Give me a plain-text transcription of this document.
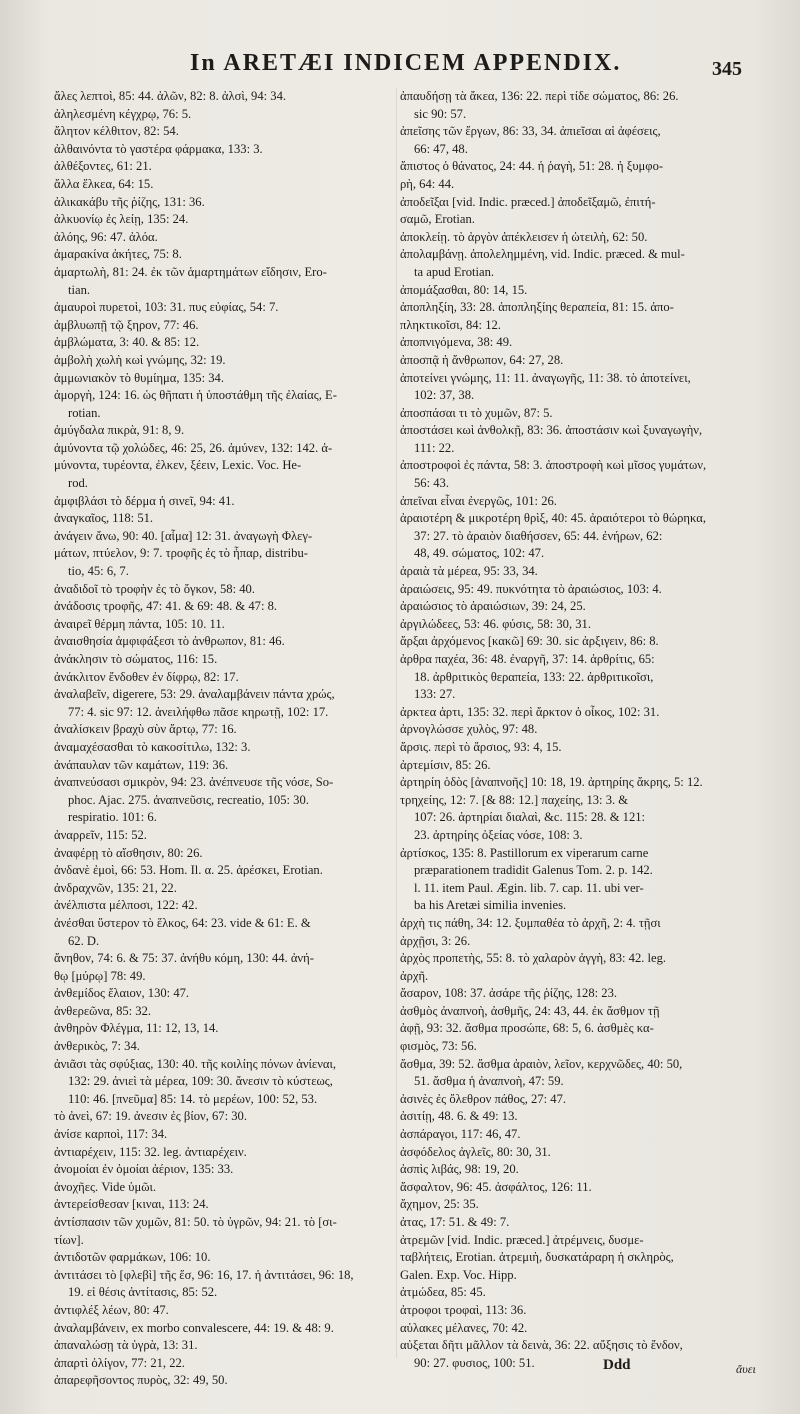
In ARETÆI INDICEM APPENDIX.	345
ἄλες λεπτοὶ, 85: 44. ἀλῶν, 82: 8. ἀλσὶ, 94: 34.
ἀληλεσμένη κέγχρῳ, 76: 5.
ἄλητον κέλθιτον, 82: 54.
ἀλθαινόντα τὸ γαστέρα φάρμακα, 133: 3.
ἀλθέξοντες, 61: 21.
ἄλλα ἕλκεα, 64: 15.
ἀλικακάβυ τῆς ῥίζης, 131: 36.
ἀλκυονίῳ ἐς λείῃ, 135: 24.
ἀλόης, 96: 47. ἀλόα.
ἀμαρακίνα ἀκήτες, 75: 8.
ἀμαρτωλὴ, 81: 24. ἐκ τῶν ἁμαρτημάτων εἴδησιν, Ero-
tian.
ἀμαυροὶ πυρετοὶ, 103: 31. πυς εὐφίας, 54: 7.
ἀμβλυωπῇ τῷ ξηρον, 77: 46.
ἀμβλώματα, 3: 40. & 85: 12.
ἀμβολὴ χωλὴ κωὶ γνώμης, 32: 19.
ἀμμωνιακὸν τὸ θυμίημα, 135: 34.
ἀμοργὴ, 124: 16. ὡς θῆπατι ἡ ὑποστάθμη τῆς ἐλαίας, E-
rotian.
ἀμύγδαλα πικρὰ, 91: 8, 9.
ἀμύνοντα τῷ χολώδες, 46: 25, 26. ἀμύνεν, 132: 142. ἀ-
μύνοντα, τυρέοντα, ἐλκεν, ξέειν, Lexic. Voc. He-
rod.
ἀμφιβλάσι τὸ δέρμα ἡ σινεῖ, 94: 41.
ἀναγκαῖος, 118: 51.
ἀνάγειν ἄνω, 90: 40. [αἷμα] 12: 31. ἀναγωγὴ Φλεγ-
μάτων, πτύελον, 9: 7. τροφῆς ἐς τὸ ἧπαρ, distribu-
tio, 45: 6, 7.
ἀναδιδοῖ τὸ τροφὴν ἐς τὸ ὄγκον, 58: 40.
ἀνάδοσις τροφῆς, 47: 41. & 69: 48. & 47: 8.
ἀναιρεῖ θέρμη πάντα, 105: 10. 11.
ἀναισθησία ἀμφιφάξεσι τὸ ἀνθρωπον, 81: 46.
ἀνάκλησιν τὸ σώματος, 116: 15.
ἀνάκλιτον ἔνδοθεν ἐν δίφρῳ, 82: 17.
ἀναλαβεῖν, digerere, 53: 29. ἀναλαμβάνειν πάντα χρώς,
77: 4. sic 97: 12. ἀνειλήφθω πᾶσε κηρωτῇ, 102: 17.
ἀναλίσκειν βραχὺ σὺν ἄρτῳ, 77: 16.
ἀναμαχέσασθαι τὸ κακοσίτιλω, 132: 3.
ἀνάπαυλαν τῶν καμάτων, 119: 36.
ἀναπνεύσασι σμικρὸν, 94: 23. ἀνέπνευσε τῆς νόσε, So-
phoc. Ajac. 275. ἀναπνεῦσις, recreatio, 105: 30.
respiratio. 101: 6.
ἀναρρεῖν, 115: 52.
ἀναφέρῃ τὸ αἴσθησιν, 80: 26.
ἀνδανὲ ἐμοὶ, 66: 53. Hom. Il. α. 25. ἀρέσκει, Erotian.
ἀνδραχνῶν, 135: 21, 22.
ἀνέλπιστα μέλποσι, 122: 42.
ἀνέσθαι ὕστερον τὸ ἕλκος, 64: 23. vide & 61: E. &
62. D.
ἄνηθον, 74: 6. & 75: 37. ἀνήθυ κόμη, 130: 44. ἀνή-
θῳ [μύρῳ] 78: 49.
ἀνθεμίδος ἔλαιον, 130: 47.
ἀνθερεῶνα, 85: 32.
ἀνθηρὸν Φλέγμα, 11: 12, 13, 14.
ἀνθερικὸς, 7: 34.
ἀνιᾶσι τὰς σφύξιας, 130: 40. τῆς κοιλίης πόνων ἀνίεναι,
132: 29. ἀνιεὶ τὰ μέρεα, 109: 30. ἄνεσιν τὸ κύστεως,
110: 46. [πνεῦμα] 85: 14. τὸ μερέων, 100: 52, 53.
τὸ ἀνεὶ, 67: 19. ἀνεσιν ἐς βίον, 67: 30.
ἀνίσε καρποὶ, 117: 34.
ἀντιαρέχειν, 115: 32. leg. ἀντιαρέχειν.
ἀνομοίαι ἐν ὁμοίαι ἀέριον, 135: 33.
ἀνοχῆες. Vide ὑμῶι.
ἀντερείσθεσαν [κιναι, 113: 24.
ἀντίσπασιν τῶν χυμῶν, 81: 50. τὸ ὑγρῶν, 94: 21. τὸ [σι-
τίων].
ἀντιδοτῶν φαρμάκων, 106: 10.
ἀντιτάσει τὸ [φλεβὶ] τῆς ἕσ, 96: 16, 17. ἡ ἀντιτάσει, 96: 18,
19. εἰ θέσις ἀντίτασις, 85: 52.
ἀντιφλέξ λέων, 80: 47.
ἀναλαμβάνειν, ex morbo convalescere, 44: 19. & 48: 9.
ἀπαναλώσῃ τὰ ὑγρὰ, 13: 31.
ἀπαρτὶ ὀλίγον, 77: 21, 22.
ἀπαρεφῆσοντος πυρὸς, 32: 49, 50.
ἀπαυδήσῃ τὰ ἄκεα, 136: 22. περὶ τίδε σώματος, 86: 26.
sic 90: 57.
ἀπεῖσης τῶν ἔργων, 86: 33, 34. ἀπιεῖσαι αἱ ἀφέσεις,
66: 47, 48.
ἄπιστος ὁ θάνατος, 24: 44. ἡ ῥαγὴ, 51: 28. ἡ ξυμφο-
ρὴ, 64: 44.
ἀποδεῖξαι [vid. Indic. præced.] ἀποδεῖξαμῶ, ἐπιτή-
σαμῶ, Erotian.
ἀποκλείῃ. τὸ ἀργὸν ἀπέκλεισεν ἡ ὠτειλὴ, 62: 50.
ἀπολαμβάνῃ. ἀπολελημμένη, vid. Indic. præced. & mul-
ta apud Erotian.
ἀπομάξασθαι, 80: 14, 15.
ἀποπληξίη, 33: 28. ἀποπληξίης θεραπεία, 81: 15. ἀπο-
πληκτικοῖσι, 84: 12.
ἀποπνιγόμενα, 38: 49.
ἀποσπᾷ ἡ ἄνθρωπον, 64: 27, 28.
ἀποτείνει γνώμης, 11: 11. ἀναγωγῆς, 11: 38. τὸ ἀποτείνει,
102: 37, 38.
ἀποσπάσαι τι τὸ χυμῶν, 87: 5.
ἀποστάσει κωὶ ἀνθολκῇ, 83: 36. ἀποστάσιν κωὶ ξυναγωγὴν,
111: 22.
ἀποστροφοὶ ἐς πάντα, 58: 3. ἀποστροφὴ κωὶ μῖσος γυμάτων,
56: 43.
ἀπεῖναι εἶναι ἐνεργῶς, 101: 26.
ἀραιοτέρη & μικροτέρη θρὶξ, 40: 45. ἀραιότεροι τὸ θώρηκα,
37: 27. τὸ ἀραιὸν διαθήσσεν, 65: 44. ἐνήρων, 62:
48, 49. σώματος, 102: 47.
ἀραιὰ τὰ μέρεα, 95: 33, 34.
ἀραιώσεις, 95: 49. πυκνότητα τὸ ἀραιώσιος, 103: 4.
ἀραιώσιος τὸ ἀραιώσιων, 39: 24, 25.
ἀργιλώδεες, 53: 46. φύσις, 58: 30, 31.
ἄρξαι ἀρχόμενος [κακῶ] 69: 30. sic ἀρξιγειν, 86: 8.
ἀρθρα παχέα, 36: 48. ἐναργῆ, 37: 14. ἀρθρίτις, 65:
18. ἀρθριτικὸς θεραπεία, 133: 22. ἀρθριτικοῖσι,
133: 27.
ἀρκτεα ἀρτι, 135: 32. περὶ ἄρκτον ὁ οἶκος, 102: 31.
ἀρνογλώσσε χυλὸς, 97: 48.
ἄρσις. περὶ τὸ ἄρσιος, 93: 4, 15.
ἀρτεμίσιν, 85: 26.
ἀρτηρίη ὁδὸς [ἀναπνοῆς] 10: 18, 19. ἀρτηρίης ἄκρης, 5: 12.
τρηχείης, 12: 7. [& 88: 12.] παχείης, 13: 3. &
107: 26. ἀρτηρίαι διαλαὶ, &c. 115: 28. & 121:
23. ἀρτηρίης ὀξείας νόσε, 108: 3.
ἀρτίσκος, 135: 8. Pastillorum ex viperarum carne
præparationem tradidit Galenus Tom. 2. p. 142.
l. 11. item Paul. Ægin. lib. 7. cap. 11. ubi ver-
ba his Aretæi similia invenies.
ἀρχὴ τις πάθη, 34: 12. ξυμπαθέα τὸ ἀρχῆ, 2: 4. τῇσι
ἀρχῇσι, 3: 26.
ἀρχὸς προπετὴς, 55: 8. τὸ χαλαρὸν ἀγγὴ, 83: 42. leg.
ἀρχῆ.
ἄσαρον, 108: 37. ἀσάρε τῆς ῥίζης, 128: 23.
ἀσθμὸς ἀναπνοὴ, ἀσθμῆς, 24: 43, 44. ἐκ ἄσθμον τῇ
ἀφῇ, 93: 32. ἄσθμα προσώπε, 68: 5, 6. ἀσθμὲς κα-
φισμὸς, 73: 56.
ἄσθμα, 39: 52. ἄσθμα ἀραιὸν, λεῖον, κερχνῶδες, 40: 50,
51. ἄσθμα ἡ ἀναπνοὴ, 47: 59.
ἀσινὲς ἐς ὄλεθρον πάθος, 27: 47.
ἀσιτίῃ, 48. 6. & 49: 13.
ἀσπάραγοι, 117: 46, 47.
ἀσφόδελος ἀγλεῖς, 80: 30, 31.
ἀσπὶς λιβάς, 98: 19, 20.
ἄσφαλτον, 96: 45. ἀσφάλτος, 126: 11.
ἄχημον, 25: 35.
ἀτας, 17: 51. & 49: 7.
ἀτρεμῶν [vid. Indic. præced.] ἀτρέμνεις, δυσμε-
ταβλήτεις, Erotian. ἀτρεμιὴ, δυσκατάραρη ἡ σκληρὸς,
Galen. Exp. Voc. Hipp.
ἀτμώδεα, 85: 45.
ἀτροφοι τροφαὶ, 113: 36.
αὐλακες μέλανες, 70: 42.
αὐξεται δῆτι μᾶλλον τὰ δεινὰ, 36: 22. αὔξησις τὸ ἔνδον,
90: 27. φυσιος, 100: 51.	Ddd	ἄυει
